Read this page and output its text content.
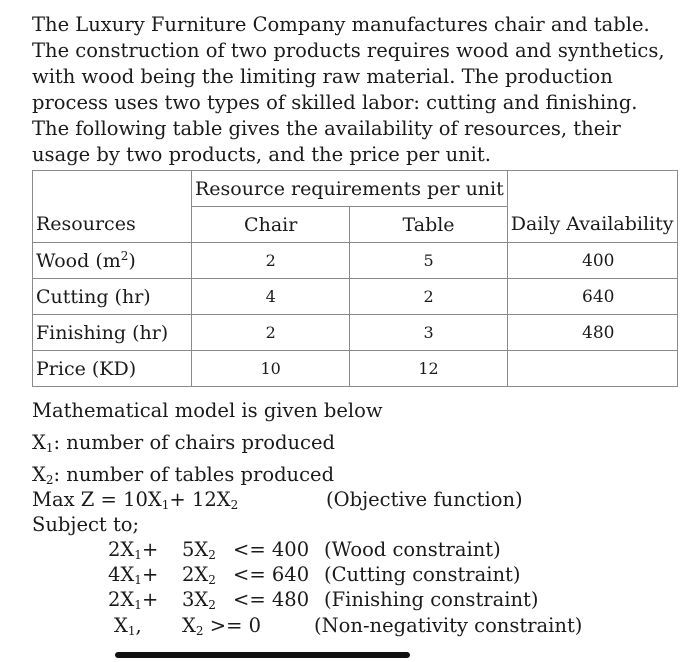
The Luxury Furniture Company manufactures chair and table. The construction of two products requires wood and synthetics, with wood being the limiting raw material. The production process uses two types of skilled labor: cutting and finishing. The following table gives the availability of resources, their usage by two products, and the price per unit.
	Resource requirements per unit		
Resources	Chair	Table	Daily Availability
Wood $(m^2)$	2	5	400
Cutting (hr)	4	2	640
Finishing (hr)	2	3	480
Price (KD)	10	12	
Mathematical model is given below
$X_1$: number of chairs produced
$X_2$: number of tables produced
Max $Z = 10X_1+ 12X_2$	(Objective function)
Subject to;
$2X_1+ 5X_2 <= 400$ (Wood constraint)
$4X_1+ 2X_2 <= 640$ (Cutting constraint)
$2X_1+ 3X_2 <= 480$ (Finishing constraint)
$X_1$, $X_2 >= 0$	(Non-negativity constraint)
